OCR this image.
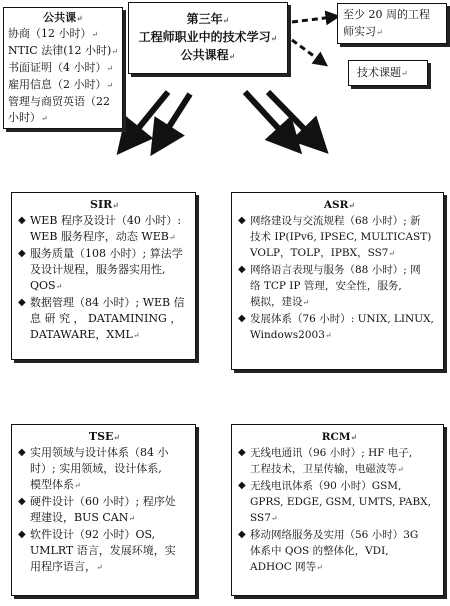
公共课↵
协商（12 小时）↵
NTIC 法律(12 小时)↵
书面证明（4 小时）↵
雇用信息（2 小时）↵
管理与商贸英语（22
小时）↵
第三年↵
工程师职业中的技术学习↵
公共课程↵
至少 20 周的工程
师实习↵
技术课题↵
SIR↵
◆ WEB 程序及设计（40 小时）:
WEB 服务程序，动态 WEB↵
◆ 服务质量（108 小时）; 算法学
及设计规程，服务器实用性,
QOS↵
◆ 数据管理（84 小时）; WEB 信
息 研 究 ， DATAMINING ，
DATAWARE，XML↵
ASR↵
◆ 网络建设与交流规程（68 小时）; 新
技术 IP(IPv6, IPSEC, MULTICAST)
VOLP，TOLP，IPBX，SS7↵
◆ 网络语言表现与服务（88 小时）; 网
络 TCP IP 管理，安全性，服务,
模拟，建设↵
◆ 发展体系（76 小时）: UNIX, LINUX,
Windows2003↵
TSE↵
◆ 实用领域与设计体系（84 小
时）; 实用领域，设计体系,
模型体系↵
◆ 硬件设计（60 小时）; 程序处
理建设，BUS CAN↵
◆ 软件设计（92 小时）OS,
UMLRT 语言，发展环境，实
用程序语言，↵
RCM↵
◆ 无线电通讯（96 小时）; HF 电子,
工程技术，卫星传输，电磁波等↵
◆ 无线电讯体系（90 小时）GSM,
GPRS, EDGE, GSM, UMTS, PABX,
SS7↵
◆ 移动网络服务及实用（56 小时）3G
体系中 QOS 的整体化，VDI,
ADHOC 网等↵
